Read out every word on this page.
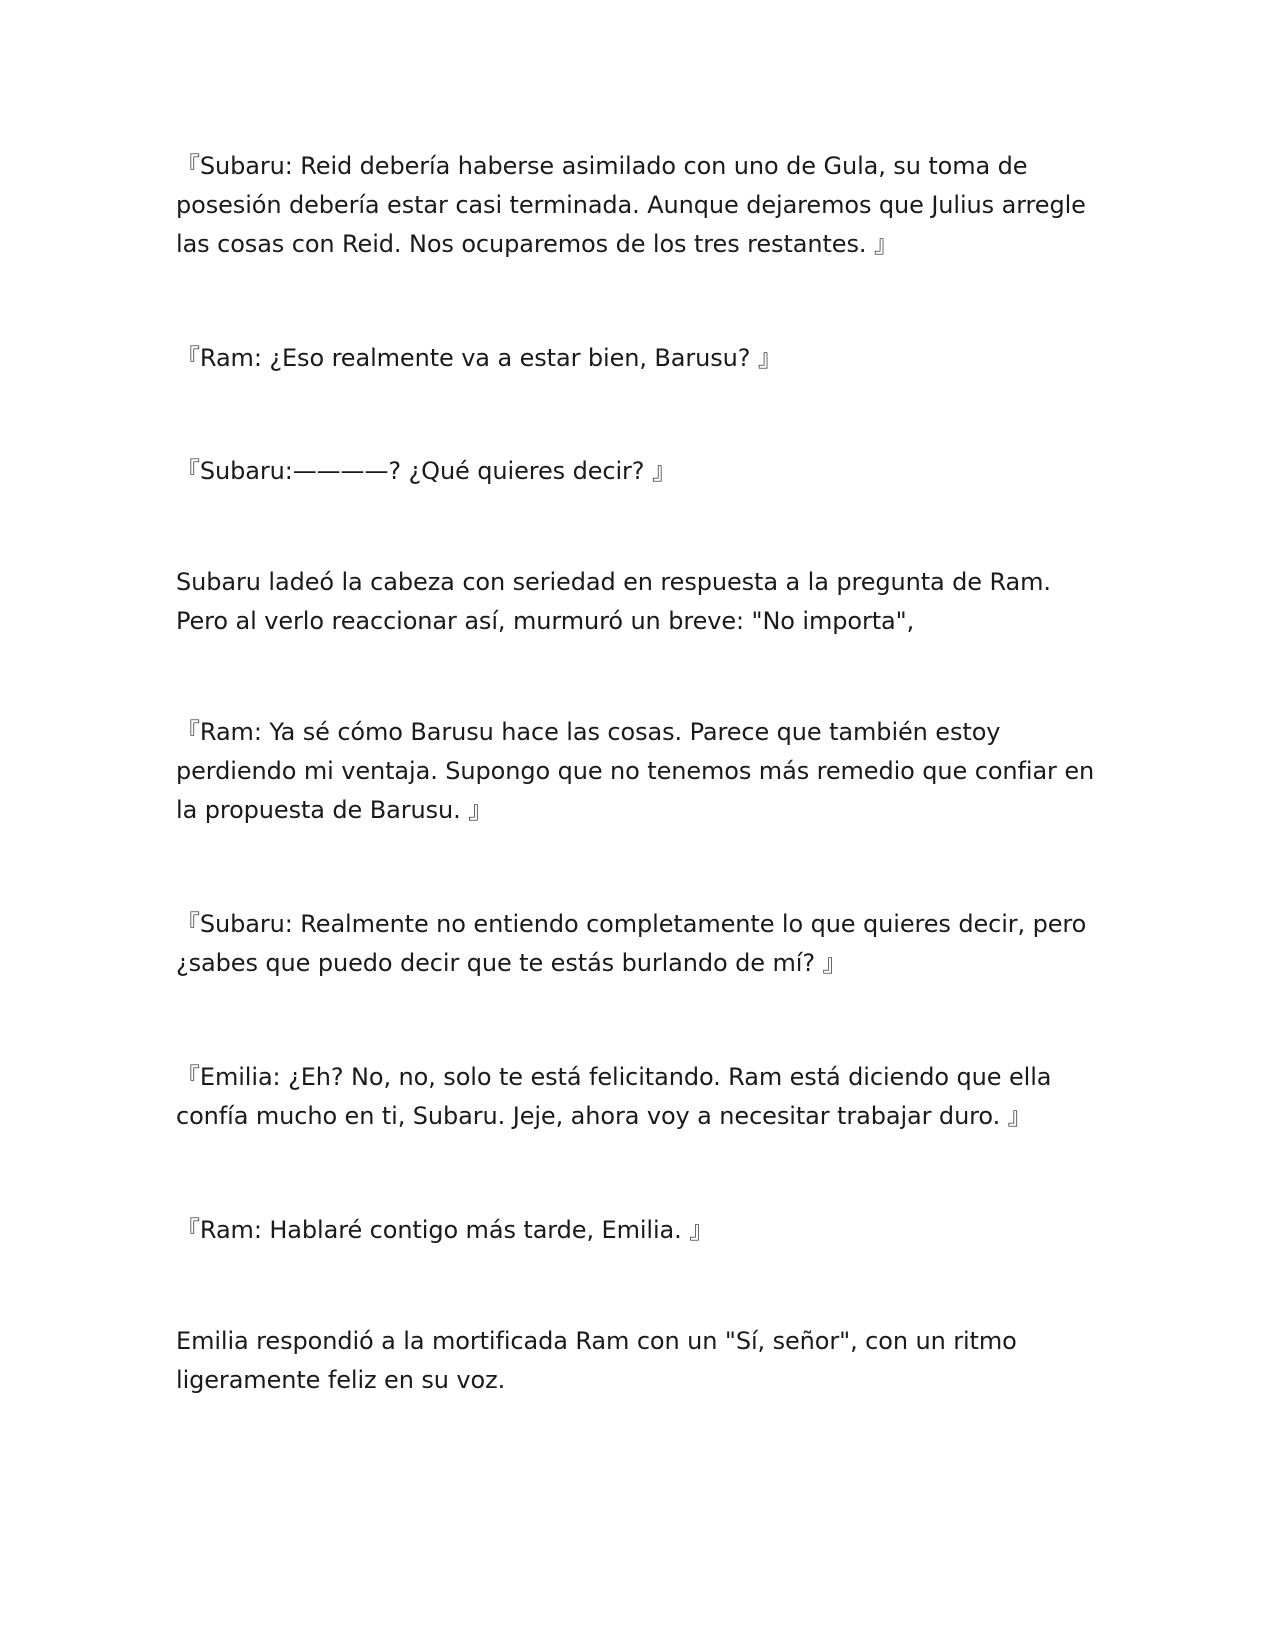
『Subaru: Reid debería haberse asimilado con uno de Gula, su toma de posesión debería estar casi terminada. Aunque dejaremos que Julius arregle las cosas con Reid. Nos ocuparemos de los tres restantes. 』
『Ram: ¿Eso realmente va a estar bien, Barusu? 』
『Subaru:————? ¿Qué quieres decir? 』
Subaru ladeó la cabeza con seriedad en respuesta a la pregunta de Ram. Pero al verlo reaccionar así, murmuró un breve: "No importa",
『Ram: Ya sé cómo Barusu hace las cosas. Parece que también estoy perdiendo mi ventaja. Supongo que no tenemos más remedio que confiar en la propuesta de Barusu. 』
『Subaru: Realmente no entiendo completamente lo que quieres decir, pero ¿sabes que puedo decir que te estás burlando de mí? 』
『Emilia: ¿Eh? No, no, solo te está felicitando. Ram está diciendo que ella confía mucho en ti, Subaru. Jeje, ahora voy a necesitar trabajar duro. 』
『Ram: Hablaré contigo más tarde, Emilia. 』
Emilia respondió a la mortificada Ram con un "Sí, señor", con un ritmo ligeramente feliz en su voz.
